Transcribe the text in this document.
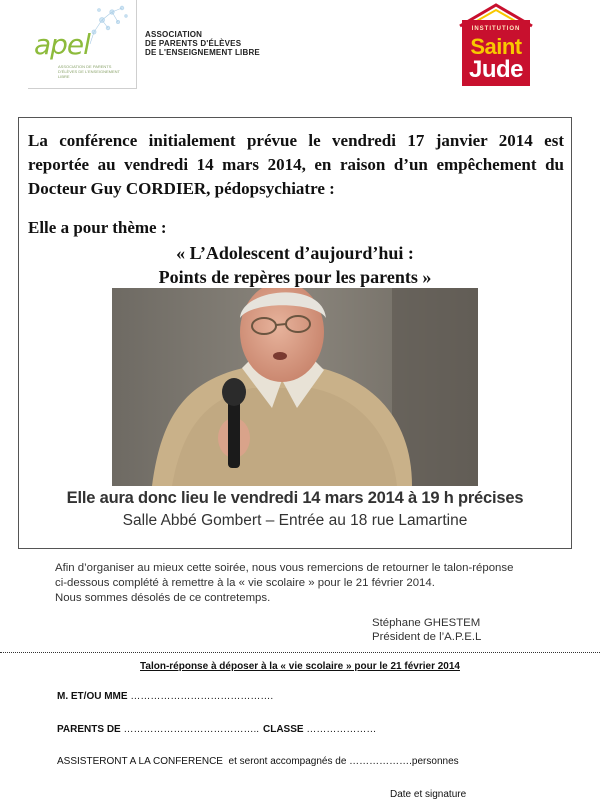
apel
ASSOCIATION DE PARENTS D'ÉLÈVES DE L'ENSEIGNEMENT LIBRE
ASSOCIATION
DE PARENTS D'ÉLÈVES
DE L'ENSEIGNEMENT LIBRE
INSTITUTION
Saint
Jude
La conférence initialement prévue le vendredi 17 janvier 2014 est reportée au vendredi 14 mars 2014, en raison d’un empêchement du Docteur Guy CORDIER, pédopsychiatre :
Elle a pour thème :
« L’Adolescent d’aujourd’hui :
Points de repères pour les parents »
Elle aura donc lieu le vendredi 14 mars 2014 à 19 h précises
Salle Abbé Gombert – Entrée au 18 rue Lamartine
Afin d’organiser au mieux cette soirée, nous vous remercions de retourner le talon-réponse
ci-dessous complété à remettre à la « vie scolaire » pour le 21 février 2014.
Nous sommes désolés de ce contretemps.
Stéphane GHESTEM
Président de l’A.P.E.L
Talon-réponse à déposer à la « vie scolaire » pour le 21 février 2014
M. ET/OU MME …………………………………….
PARENTS DE ………………………………….. CLASSE …………………
ASSISTERONT A LA CONFERENCE  et seront accompagnés de ……………….personnes
Date et signature
